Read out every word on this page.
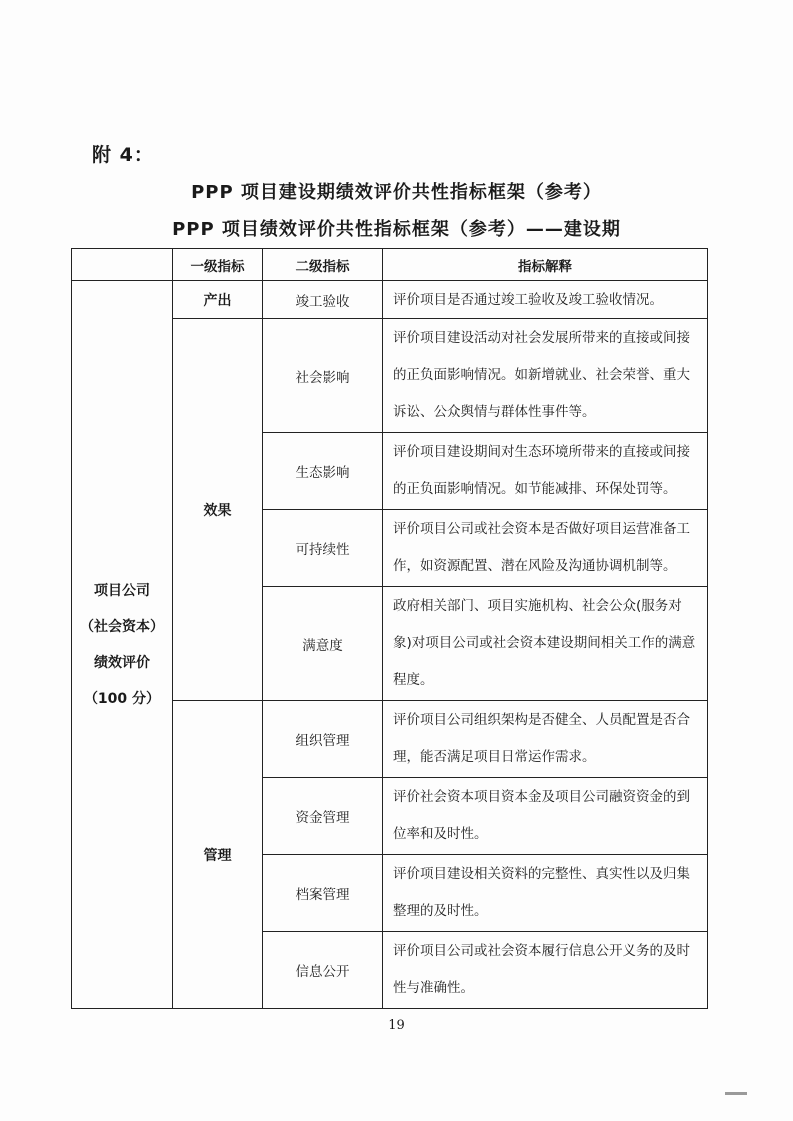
附 4：
PPP 项目建设期绩效评价共性指标框架（参考）
PPP 项目绩效评价共性指标框架（参考）——建设期
	一级指标	二级指标	指标解释

项目公司
（社会资本）
绩效评价
（100 分）	产出	竣工验收	评价项目是否通过竣工验收及竣工验收情况。
	效果	社会影响	评价项目建设活动对社会发展所带来的直接或间接的正负面影响情况。如新增就业、社会荣誉、重大诉讼、公众舆情与群体性事件等。
		生态影响	评价项目建设期间对生态环境所带来的直接或间接的正负面影响情况。如节能减排、环保处罚等。
		可持续性	评价项目公司或社会资本是否做好项目运营准备工作，如资源配置、潜在风险及沟通协调机制等。
		满意度	政府相关部门、项目实施机构、社会公众(服务对象)对项目公司或社会资本建设期间相关工作的满意程度。
	管理	组织管理	评价项目公司组织架构是否健全、人员配置是否合理，能否满足项目日常运作需求。
		资金管理	评价社会资本项目资本金及项目公司融资资金的到位率和及时性。
		档案管理	评价项目建设相关资料的完整性、真实性以及归集整理的及时性。
		信息公开	评价项目公司或社会资本履行信息公开义务的及时性与准确性。
19
